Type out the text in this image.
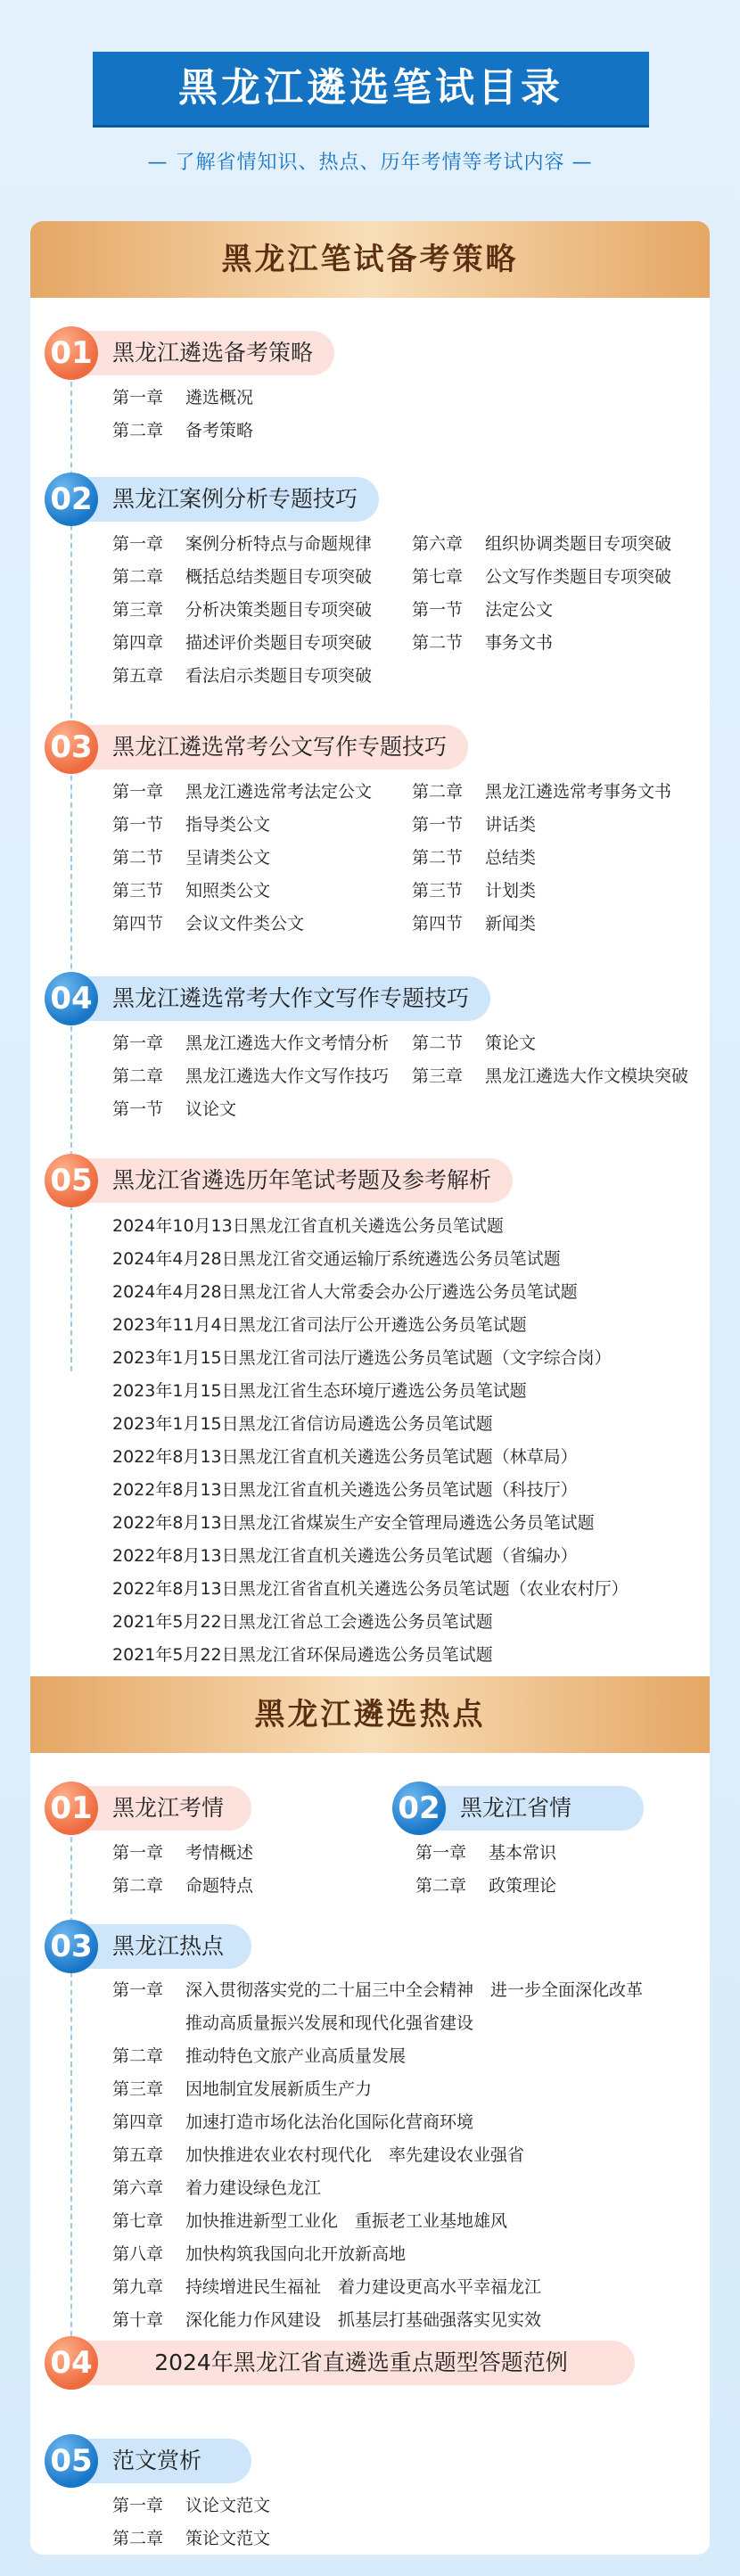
黑龙江遴选笔试目录
— 了解省情知识、热点、历年考情等考试内容 —
黑龙江笔试备考策略
01 黑龙江遴选备考策略
02 黑龙江案例分析专题技巧
03 黑龙江遴选常考公文写作专题技巧
04 黑龙江遴选常考大作文写作专题技巧
05 黑龙江省遴选历年笔试考题及参考解析
第一章 遴选概况
第二章 备考策略
第一章 案例分析特点与命题规律
第二章 概括总结类题目专项突破
第三章 分析决策类题目专项突破
第四章 描述评价类题目专项突破
第五章 看法启示类题目专项突破
第六章 组织协调类题目专项突破
第七章 公文写作类题目专项突破
第一节 法定公文
第二节 事务文书
第一章 黑龙江遴选常考法定公文
第一节 指导类公文
第二节 呈请类公文
第三节 知照类公文
第四节 会议文件类公文
第二章 黑龙江遴选常考事务文书
第一节 讲话类
第二节 总结类
第三节 计划类
第四节 新闻类
第一章 黑龙江遴选大作文考情分析
第二章 黑龙江遴选大作文写作技巧
第一节 议论文
第二节 策论文
第三章 黑龙江遴选大作文模块突破
2024年10月13日黑龙江省直机关遴选公务员笔试题
2024年4月28日黑龙江省交通运输厅系统遴选公务员笔试题
2024年4月28日黑龙江省人大常委会办公厅遴选公务员笔试题
2023年11月4日黑龙江省司法厅公开遴选公务员笔试题
2023年1月15日黑龙江省司法厅遴选公务员笔试题（文字综合岗）
2023年1月15日黑龙江省生态环境厅遴选公务员笔试题
2023年1月15日黑龙江省信访局遴选公务员笔试题
2022年8月13日黑龙江省直机关遴选公务员笔试题（林草局）
2022年8月13日黑龙江省直机关遴选公务员笔试题（科技厅）
2022年8月13日黑龙江省煤炭生产安全管理局遴选公务员笔试题
2022年8月13日黑龙江省直机关遴选公务员笔试题（省编办）
2022年8月13日黑龙江省省直机关遴选公务员笔试题（农业农村厅）
2021年5月22日黑龙江省总工会遴选公务员笔试题
2021年5月22日黑龙江省环保局遴选公务员笔试题
黑龙江遴选热点
01 黑龙江考情	02 黑龙江省情
03 黑龙江热点
04	2024年黑龙江省直遴选重点题型答题范例
05 范文赏析
第一章 考情概述
第二章 命题特点
第一章 基本常识
第二章 政策理论
第一章 深入贯彻落实党的二十届三中全会精神　进一步全面深化改革
推动高质量振兴发展和现代化强省建设
第二章 推动特色文旅产业高质量发展
第三章 因地制宜发展新质生产力
第四章 加速打造市场化法治化国际化营商环境
第五章 加快推进农业农村现代化　率先建设农业强省
第六章 着力建设绿色龙江
第七章 加快推进新型工业化　重振老工业基地雄风
第八章 加快构筑我国向北开放新高地
第九章 持续增进民生福祉　着力建设更高水平幸福龙江
第十章 深化能力作风建设　抓基层打基础强落实见实效
第一章 议论文范文
第二章 策论文范文
